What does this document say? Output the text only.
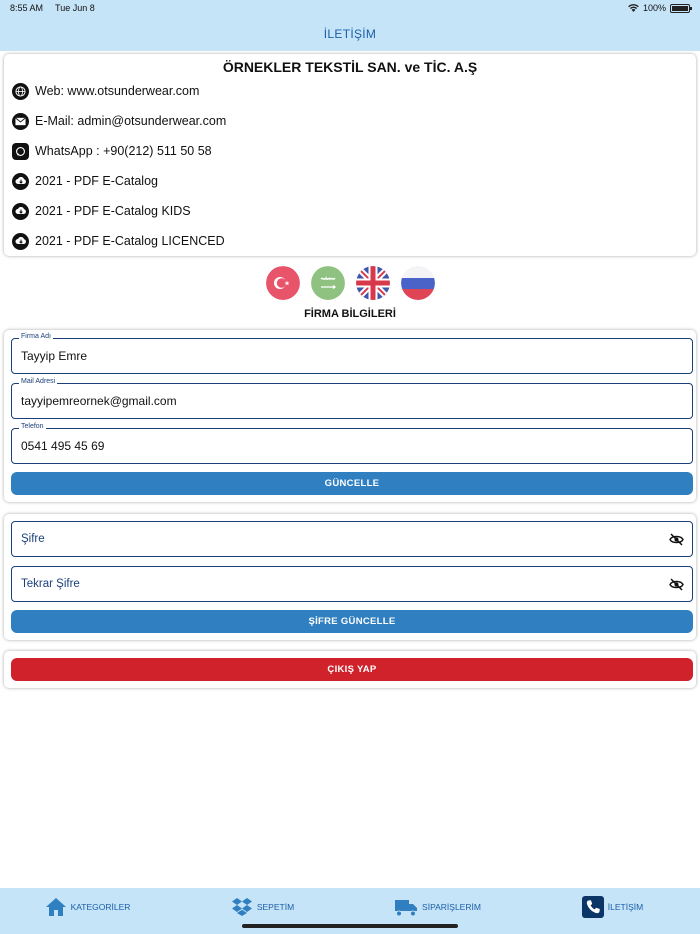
8:55 AM Tue Jun 8	100%
İLETİŞİM
ÖRNEKLER TEKSTİL SAN. ve TİC. A.Ş
Web: www.otsunderwear.com
E-Mail: admin@otsunderwear.com
WhatsApp : +90(212) 511 50 58
2021 - PDF E-Catalog
2021 - PDF E-Catalog KIDS
2021 - PDF E-Catalog LICENCED
FİRMA BİLGİLERİ
Firma Adı
Tayyip Emre
Mail Adresi
tayyipemreornek@gmail.com
Telefon
0541 495 45 69
GÜNCELLE
Şifre
Tekrar Şifre
ŞİFRE GÜNCELLE
ÇIKIŞ YAP
KATEGORİLER	SEPETİM	SİPARİŞLERİM	İLETİŞİM
